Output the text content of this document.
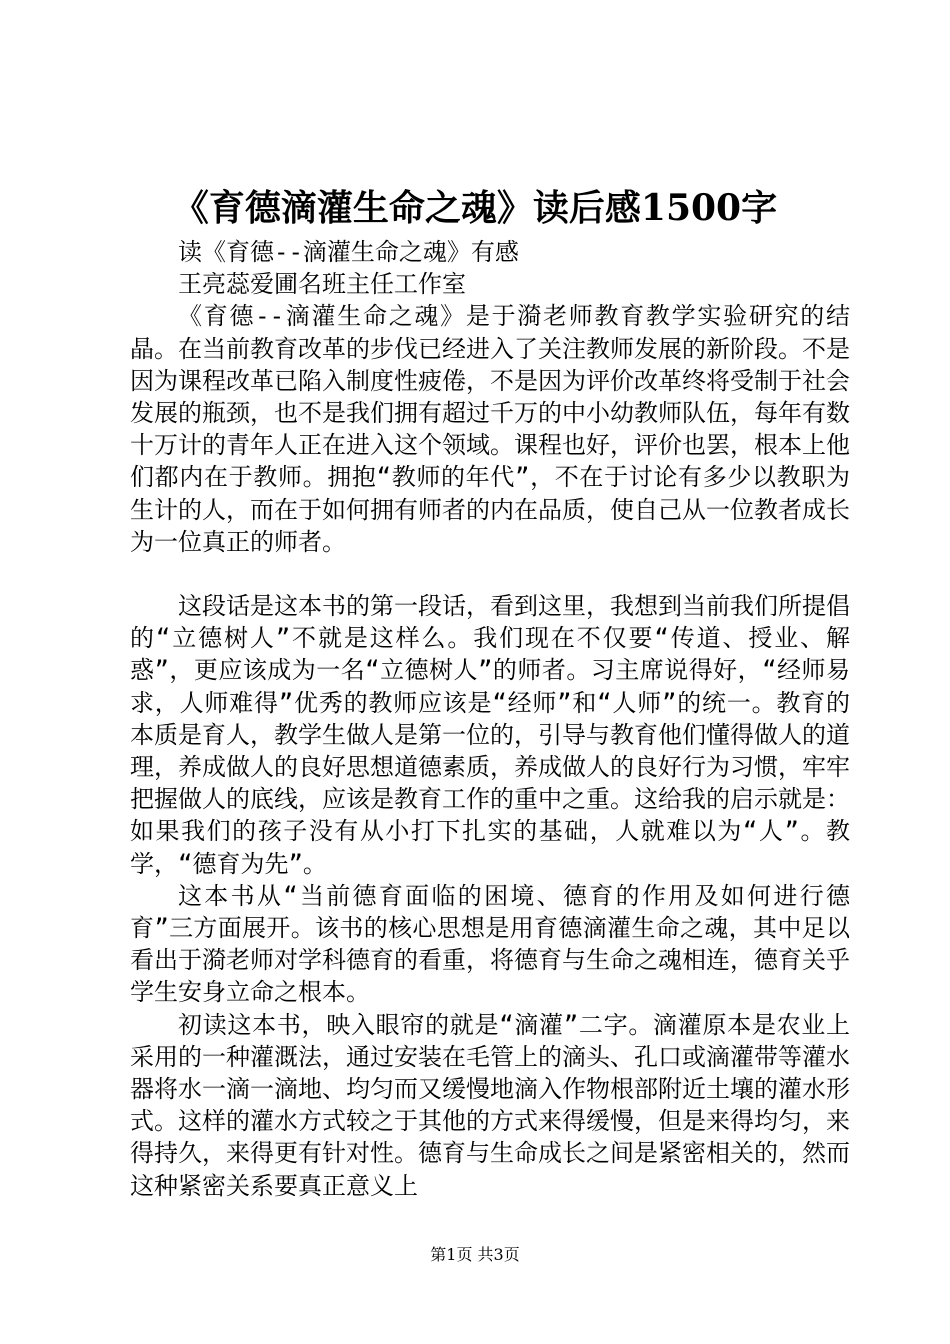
《育德滴灌生命之魂》读后感1500字

读《育德--滴灌生命之魂》有感

王亮蕊爱圃名班主任工作室

《育德--滴灌生命之魂》是于漪老师教育教学实验研究的结晶。在当前教育改革的步伐已经进入了关注教师发展的新阶段。不是因为课程改革已陷入制度性疲倦，不是因为评价改革终将受制于社会发展的瓶颈，也不是我们拥有超过千万的中小幼教师队伍，每年有数十万计的青年人正在进入这个领域。课程也好，评价也罢，根本上他们都内在于教师。拥抱“教师的年代”，不在于讨论有多少以教职为生计的人，而在于如何拥有师者的内在品质，使自己从一位教者成长为一位真正的师者。

这段话是这本书的第一段话，看到这里，我想到当前我们所提倡的“立德树人”不就是这样么。我们现在不仅要“传道、授业、解惑”，更应该成为一名“立德树人”的师者。习主席说得好，“经师易求，人师难得”优秀的教师应该是“经师”和“人师”的统一。教育的本质是育人，教学生做人是第一位的，引导与教育他们懂得做人的道理，养成做人的良好思想道德素质，养成做人的良好行为习惯，牢牢把握做人的底线，应该是教育工作的重中之重。这给我的启示就是：如果我们的孩子没有从小打下扎实的基础，人就难以为“人”。教学，“德育为先”。

这本书从“当前德育面临的困境、德育的作用及如何进行德育”三方面展开。该书的核心思想是用育德滴灌生命之魂，其中足以看出于漪老师对学科德育的看重，将德育与生命之魂相连，德育关乎学生安身立命之根本。

初读这本书，映入眼帘的就是“滴灌”二字。滴灌原本是农业上采用的一种灌溉法，通过安装在毛管上的滴头、孔口或滴灌带等灌水器将水一滴一滴地、均匀而又缓慢地滴入作物根部附近土壤的灌水形式。这样的灌水方式较之于其他的方式来得缓慢，但是来得均匀，来得持久，来得更有针对性。德育与生命成长之间是紧密相关的，然而这种紧密关系要真正意义上

第1页 共3页
